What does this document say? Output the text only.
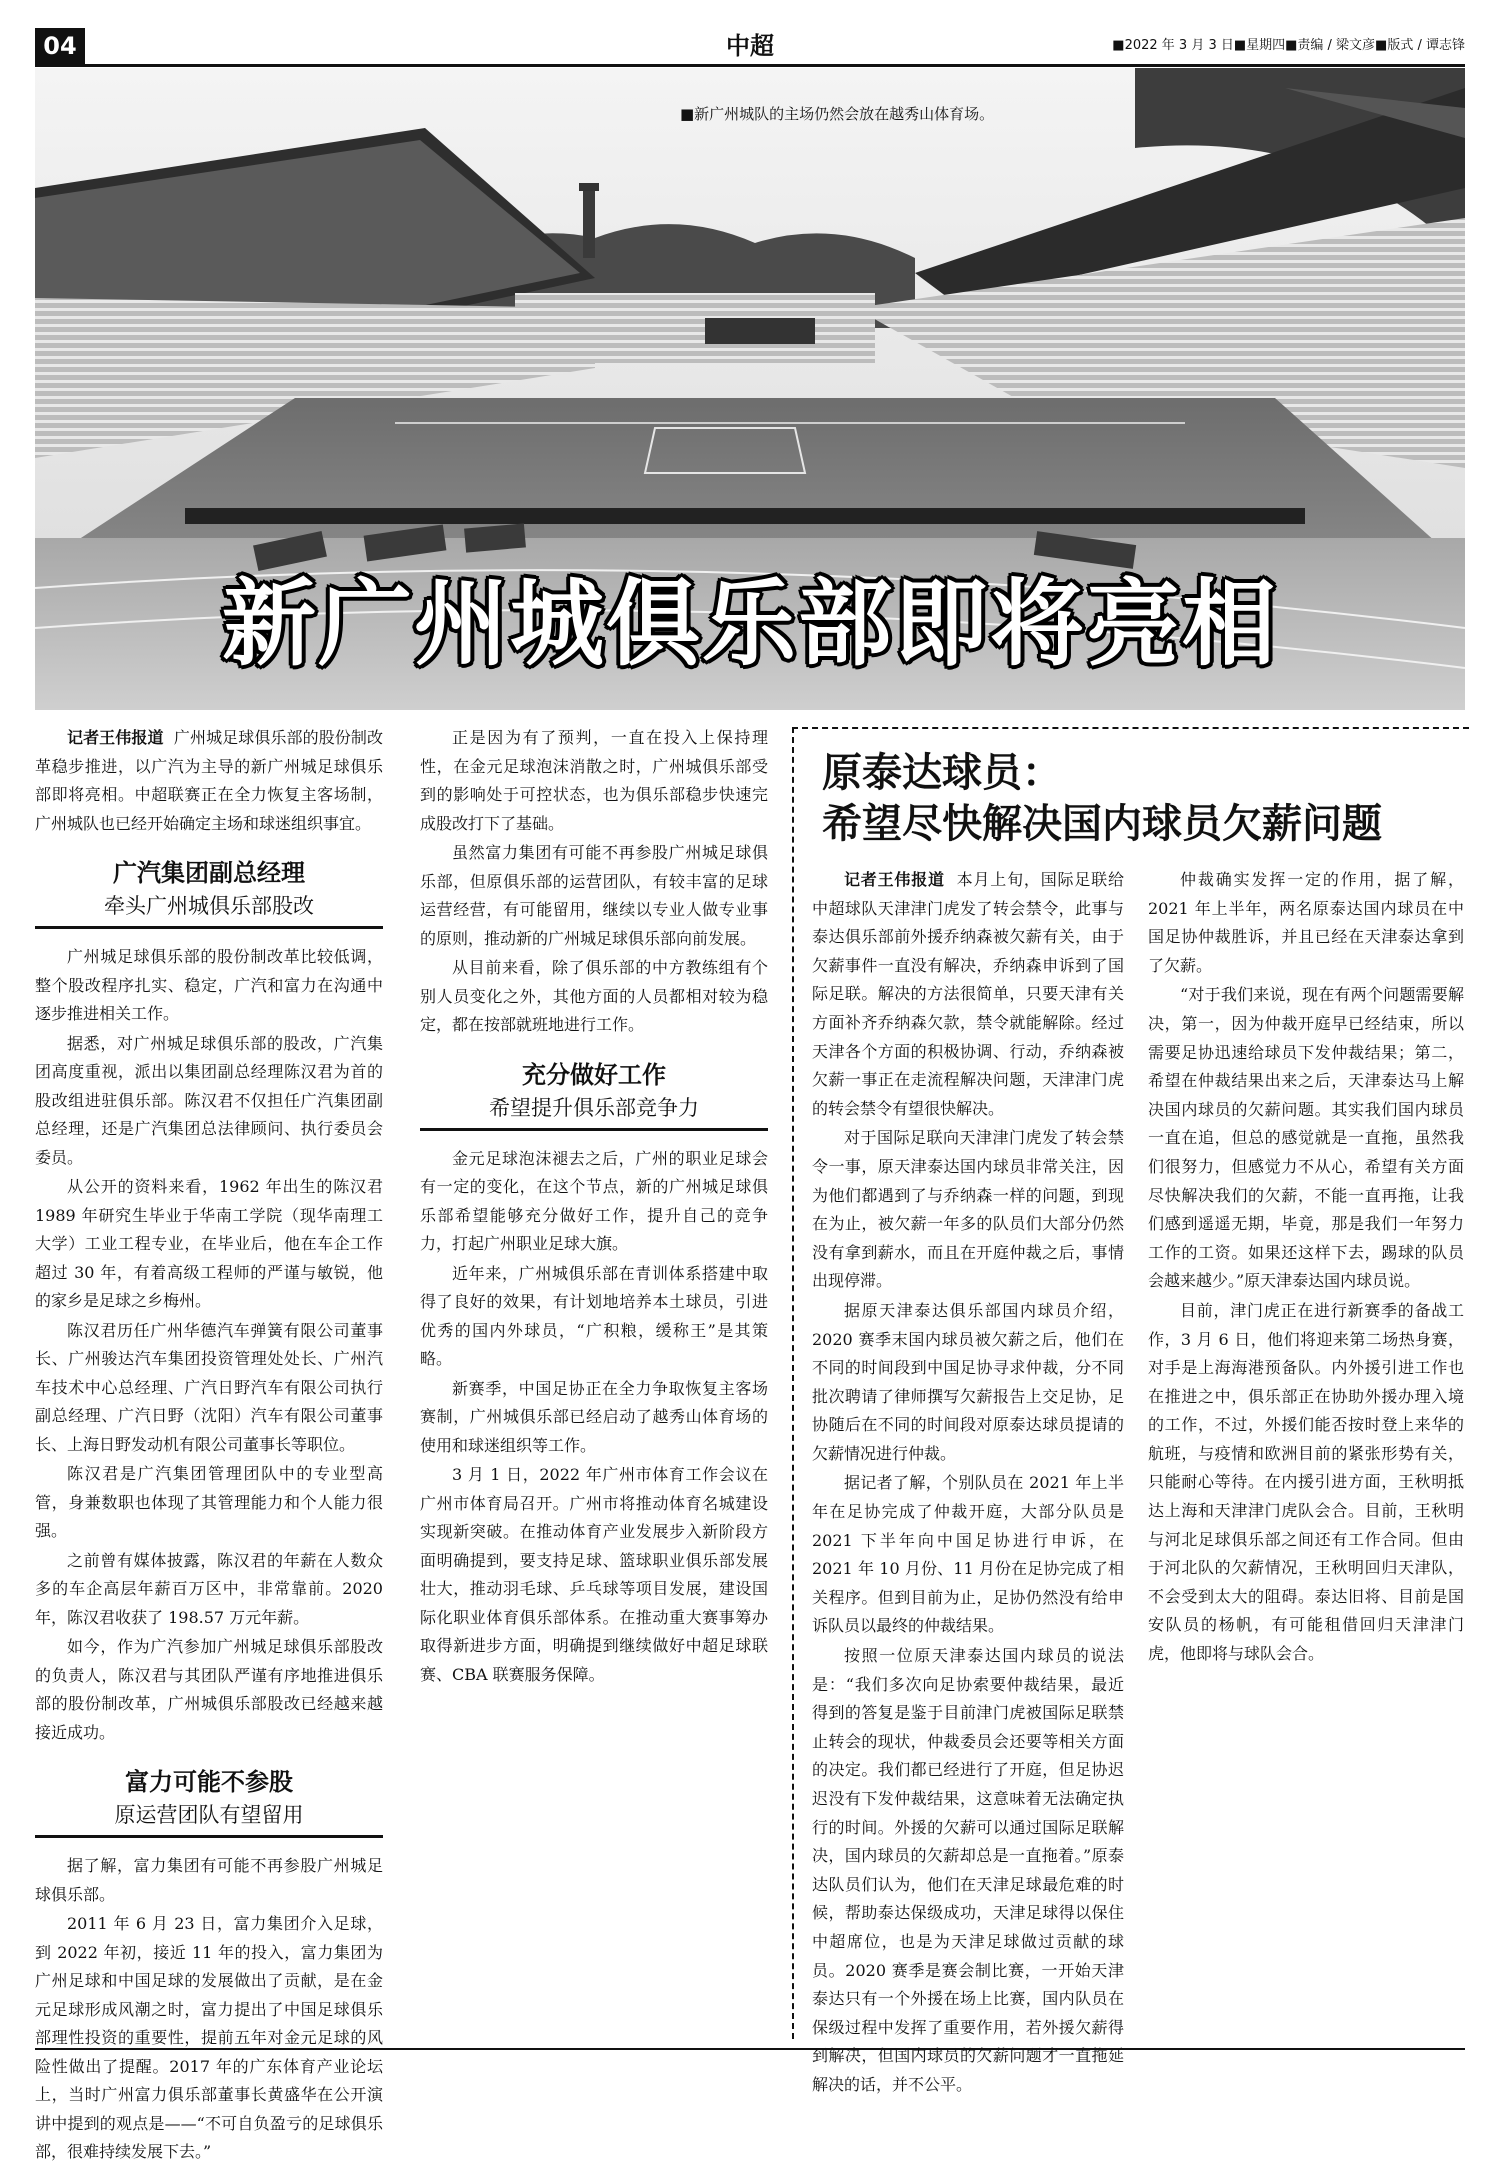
04	中超	■2022 年 3 月 3 日■星期四■责编 / 梁文彦■版式 / 谭志锋
■新广州城队的主场仍然会放在越秀山体育场。
新广州城俱乐部即将亮相

记者王伟报道 广州城足球俱乐部的股份制改革稳步推进，以广汽为主导的新广州城足球俱乐部即将亮相。中超联赛正在全力恢复主客场制，广州城队也已经开始确定主场和球迷组织事宜。

广汽集团副总经理
牵头广州城俱乐部股改

广州城足球俱乐部的股份制改革比较低调，整个股改程序扎实、稳定，广汽和富力在沟通中逐步推进相关工作。

据悉，对广州城足球俱乐部的股改，广汽集团高度重视，派出以集团副总经理陈汉君为首的股改组进驻俱乐部。陈汉君不仅担任广汽集团副总经理，还是广汽集团总法律顾问、执行委员会委员。

从公开的资料来看，1962 年出生的陈汉君 1989 年研究生毕业于华南工学院（现华南理工大学）工业工程专业，在毕业后，他在车企工作超过 30 年，有着高级工程师的严谨与敏锐，他的家乡是足球之乡梅州。

陈汉君历任广州华德汽车弹簧有限公司董事长、广州骏达汽车集团投资管理处处长、广州汽车技术中心总经理、广汽日野汽车有限公司执行副总经理、广汽日野（沈阳）汽车有限公司董事长、上海日野发动机有限公司董事长等职位。

陈汉君是广汽集团管理团队中的专业型高管，身兼数职也体现了其管理能力和个人能力很强。

之前曾有媒体披露，陈汉君的年薪在人数众多的车企高层年薪百万区中，非常靠前。2020 年，陈汉君收获了 198.57 万元年薪。

如今，作为广汽参加广州城足球俱乐部股改的负责人，陈汉君与其团队严谨有序地推进俱乐部的股份制改革，广州城俱乐部股改已经越来越接近成功。

富力可能不参股
原运营团队有望留用

据了解，富力集团有可能不再参股广州城足球俱乐部。

2011 年 6 月 23 日，富力集团介入足球，到 2022 年初，接近 11 年的投入，富力集团为广州足球和中国足球的发展做出了贡献，是在金元足球形成风潮之时，富力提出了中国足球俱乐部理性投资的重要性，提前五年对金元足球的风险性做出了提醒。2017 年的广东体育产业论坛上，当时广州富力俱乐部董事长黄盛华在公开演讲中提到的观点是——“不可自负盈亏的足球俱乐部，很难持续发展下去。”

正是因为有了预判，一直在投入上保持理性，在金元足球泡沫消散之时，广州城俱乐部受到的影响处于可控状态，也为俱乐部稳步快速完成股改打下了基础。

虽然富力集团有可能不再参股广州城足球俱乐部，但原俱乐部的运营团队，有较丰富的足球运营经营，有可能留用，继续以专业人做专业事的原则，推动新的广州城足球俱乐部向前发展。

从目前来看，除了俱乐部的中方教练组有个别人员变化之外，其他方面的人员都相对较为稳定，都在按部就班地进行工作。

充分做好工作
希望提升俱乐部竞争力

金元足球泡沫褪去之后，广州的职业足球会有一定的变化，在这个节点，新的广州城足球俱乐部希望能够充分做好工作，提升自己的竞争力，打起广州职业足球大旗。

近年来，广州城俱乐部在青训体系搭建中取得了良好的效果，有计划地培养本土球员，引进优秀的国内外球员，“广积粮，缓称王”是其策略。

新赛季，中国足协正在全力争取恢复主客场赛制，广州城俱乐部已经启动了越秀山体育场的使用和球迷组织等工作。

3 月 1 日，2022 年广州市体育工作会议在广州市体育局召开。广州市将推动体育名城建设实现新突破。在推动体育产业发展步入新阶段方面明确提到，要支持足球、篮球职业俱乐部发展壮大，推动羽毛球、乒乓球等项目发展，建设国际化职业体育俱乐部体系。在推动重大赛事筹办取得新进步方面，明确提到继续做好中超足球联赛、CBA 联赛服务保障。

原泰达球员：
希望尽快解决国内球员欠薪问题

记者王伟报道 本月上旬，国际足联给中超球队天津津门虎发了转会禁令，此事与泰达俱乐部前外援乔纳森被欠薪有关，由于欠薪事件一直没有解决，乔纳森申诉到了国际足联。解决的方法很简单，只要天津有关方面补齐乔纳森欠款，禁令就能解除。经过天津各个方面的积极协调、行动，乔纳森被欠薪一事正在走流程解决问题，天津津门虎的转会禁令有望很快解决。

对于国际足联向天津津门虎发了转会禁令一事，原天津泰达国内球员非常关注，因为他们都遇到了与乔纳森一样的问题，到现在为止，被欠薪一年多的队员们大部分仍然没有拿到薪水，而且在开庭仲裁之后，事情出现停滞。

据原天津泰达俱乐部国内球员介绍，2020 赛季末国内球员被欠薪之后，他们在不同的时间段到中国足协寻求仲裁，分不同批次聘请了律师撰写欠薪报告上交足协，足协随后在不同的时间段对原泰达球员提请的欠薪情况进行仲裁。

据记者了解，个别队员在 2021 年上半年在足协完成了仲裁开庭，大部分队员是 2021 下半年向中国足协进行申诉，在 2021 年 10 月份、11 月份在足协完成了相关程序。但到目前为止，足协仍然没有给申诉队员以最终的仲裁结果。

按照一位原天津泰达国内球员的说法是：“我们多次向足协索要仲裁结果，最近得到的答复是鉴于目前津门虎被国际足联禁止转会的现状，仲裁委员会还要等相关方面的决定。我们都已经进行了开庭，但足协迟迟没有下发仲裁结果，这意味着无法确定执行的时间。外援的欠薪可以通过国际足联解决，国内球员的欠薪却总是一直拖着。”原泰达队员们认为，他们在天津足球最危难的时候，帮助泰达保级成功，天津足球得以保住中超席位，也是为天津足球做过贡献的球员。2020 赛季是赛会制比赛，一开始天津泰达只有一个外援在场上比赛，国内队员在保级过程中发挥了重要作用，若外援欠薪得到解决，但国内球员的欠薪问题才一直拖延解决的话，并不公平。

仲裁确实发挥一定的作用，据了解，2021 年上半年，两名原泰达国内球员在中国足协仲裁胜诉，并且已经在天津泰达拿到了欠薪。

“对于我们来说，现在有两个问题需要解决，第一，因为仲裁开庭早已经结束，所以需要足协迅速给球员下发仲裁结果；第二，希望在仲裁结果出来之后，天津泰达马上解决国内球员的欠薪问题。其实我们国内球员一直在追，但总的感觉就是一直拖，虽然我们很努力，但感觉力不从心，希望有关方面尽快解决我们的欠薪，不能一直再拖，让我们感到遥遥无期，毕竟，那是我们一年努力工作的工资。如果还这样下去，踢球的队员会越来越少。”原天津泰达国内球员说。

目前，津门虎正在进行新赛季的备战工作，3 月 6 日，他们将迎来第二场热身赛，对手是上海海港预备队。内外援引进工作也在推进之中，俱乐部正在协助外援办理入境的工作，不过，外援们能否按时登上来华的航班，与疫情和欧洲目前的紧张形势有关，只能耐心等待。在内援引进方面，王秋明抵达上海和天津津门虎队会合。目前，王秋明与河北足球俱乐部之间还有工作合同。但由于河北队的欠薪情况，王秋明回归天津队，不会受到太大的阻碍。泰达旧将、目前是国安队员的杨帆，有可能租借回归天津津门虎，他即将与球队会合。
